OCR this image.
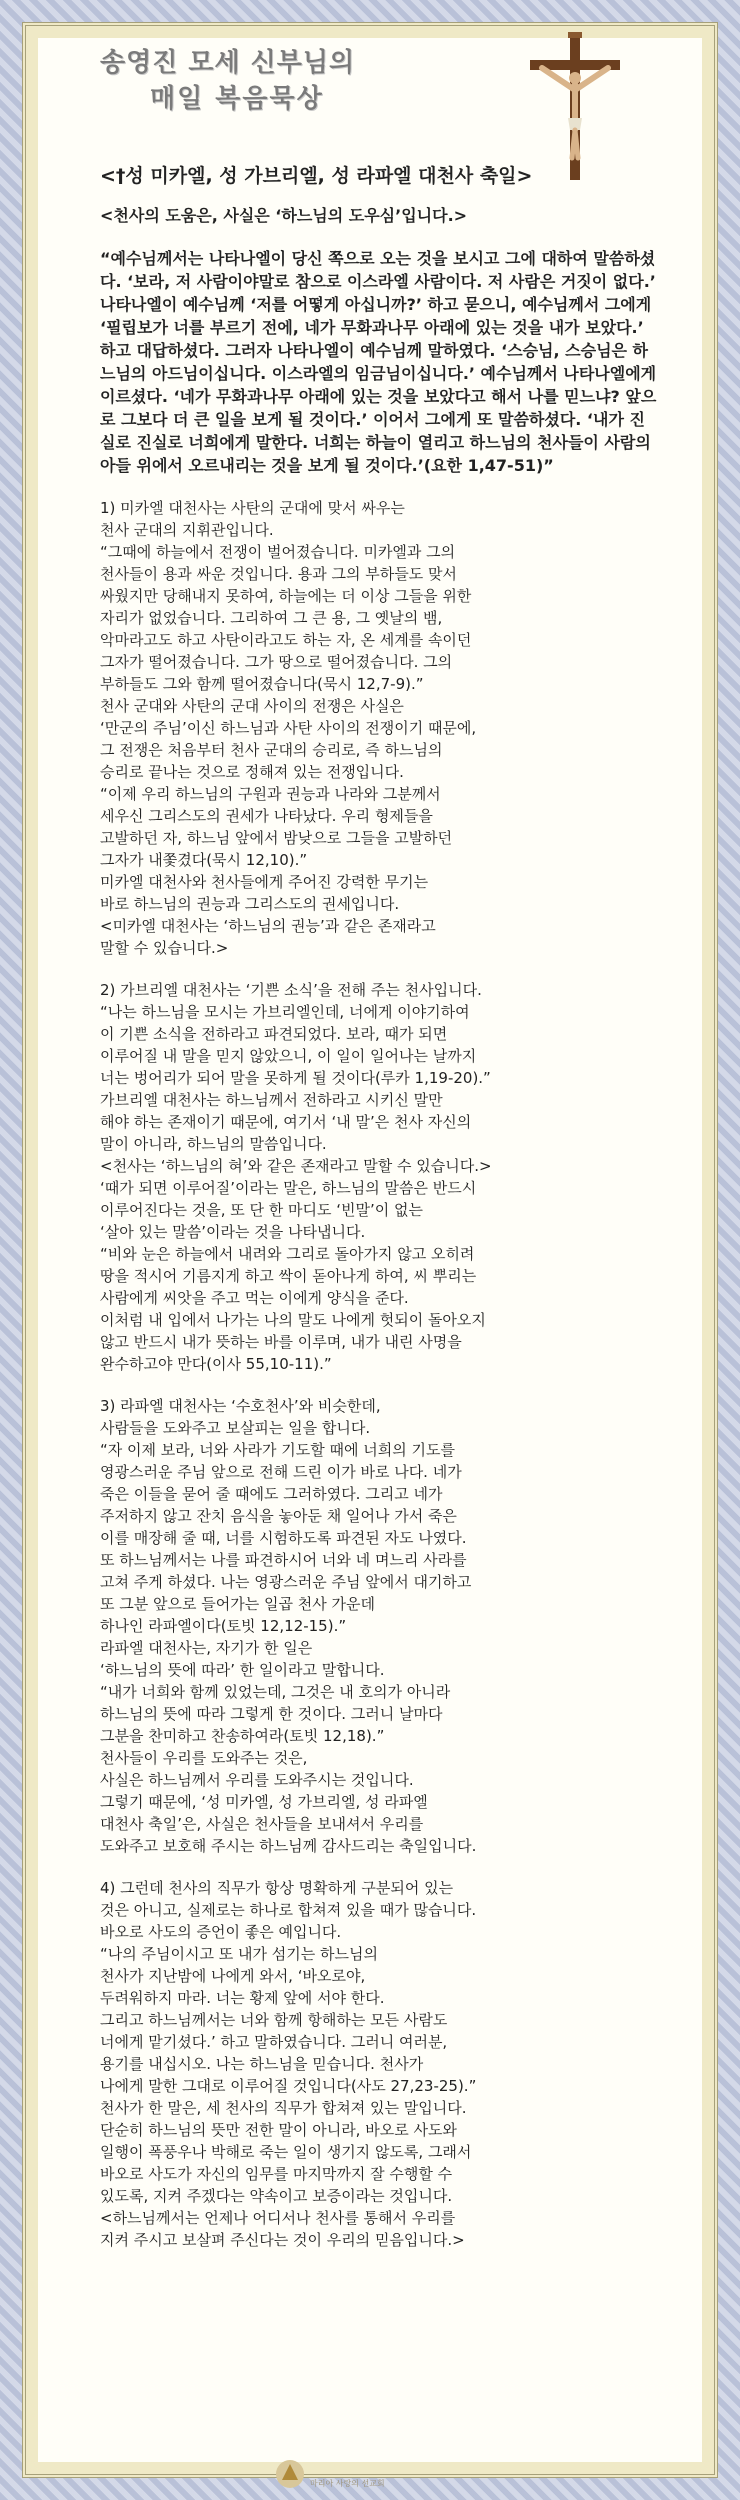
송영진 모세 신부님의
매일 복음묵상

<†성 미카엘, 성 가브리엘, 성 라파엘 대천사 축일>

<천사의 도움은, 사실은 ‘하느님의 도우심’입니다.>

“예수님께서는 나타나엘이 당신 쪽으로 오는 것을 보시고 그에 대하여 말씀하셨다. ‘보라, 저 사람이야말로 참으로 이스라엘 사람이다. 저 사람은 거짓이 없다.’ 나타나엘이 예수님께 ‘저를 어떻게 아십니까?’ 하고 묻으니, 예수님께서 그에게 ‘필립보가 너를 부르기 전에, 네가 무화과나무 아래에 있는 것을 내가 보았다.’ 하고 대답하셨다. 그러자 나타나엘이 예수님께 말하였다. ‘스승님, 스승님은 하느님의 아드님이십니다. 이스라엘의 임금님이십니다.’ 예수님께서 나타나엘에게 이르셨다. ‘네가 무화과나무 아래에 있는 것을 보았다고 해서 나를 믿느냐? 앞으로 그보다 더 큰 일을 보게 될 것이다.’ 이어서 그에게 또 말씀하셨다. ‘내가 진실로 진실로 너희에게 말한다. 너희는 하늘이 열리고 하느님의 천사들이 사람의 아들 위에서 오르내리는 것을 보게 될 것이다.’(요한 1,47-51)”

1) 미카엘 대천사는 사탄의 군대에 맞서 싸우는
천사 군대의 지휘관입니다.
“그때에 하늘에서 전쟁이 벌어졌습니다. 미카엘과 그의
천사들이 용과 싸운 것입니다. 용과 그의 부하들도 맞서
싸웠지만 당해내지 못하여, 하늘에는 더 이상 그들을 위한
자리가 없었습니다. 그리하여 그 큰 용, 그 옛날의 뱀,
악마라고도 하고 사탄이라고도 하는 자, 온 세계를 속이던
그자가 떨어졌습니다. 그가 땅으로 떨어졌습니다. 그의
부하들도 그와 함께 떨어졌습니다(묵시 12,7-9).”
천사 군대와 사탄의 군대 사이의 전쟁은 사실은
‘만군의 주님’이신 하느님과 사탄 사이의 전쟁이기 때문에,
그 전쟁은 처음부터 천사 군대의 승리로, 즉 하느님의
승리로 끝나는 것으로 정해져 있는 전쟁입니다.
“이제 우리 하느님의 구원과 권능과 나라와 그분께서
세우신 그리스도의 권세가 나타났다. 우리 형제들을
고발하던 자, 하느님 앞에서 밤낮으로 그들을 고발하던
그자가 내쫓겼다(묵시 12,10).”
미카엘 대천사와 천사들에게 주어진 강력한 무기는
바로 하느님의 권능과 그리스도의 권세입니다.
<미카엘 대천사는 ‘하느님의 권능’과 같은 존재라고
말할 수 있습니다.>

2) 가브리엘 대천사는 ‘기쁜 소식’을 전해 주는 천사입니다.
“나는 하느님을 모시는 가브리엘인데, 너에게 이야기하여
이 기쁜 소식을 전하라고 파견되었다. 보라, 때가 되면
이루어질 내 말을 믿지 않았으니, 이 일이 일어나는 날까지
너는 벙어리가 되어 말을 못하게 될 것이다(루카 1,19-20).”
가브리엘 대천사는 하느님께서 전하라고 시키신 말만
해야 하는 존재이기 때문에, 여기서 ‘내 말’은 천사 자신의
말이 아니라, 하느님의 말씀입니다.
<천사는 ‘하느님의 혀’와 같은 존재라고 말할 수 있습니다.>
‘때가 되면 이루어질’이라는 말은, 하느님의 말씀은 반드시
이루어진다는 것을, 또 단 한 마디도 ‘빈말’이 없는
‘살아 있는 말씀’이라는 것을 나타냅니다.
“비와 눈은 하늘에서 내려와 그리로 돌아가지 않고 오히려
땅을 적시어 기름지게 하고 싹이 돋아나게 하여, 씨 뿌리는
사람에게 씨앗을 주고 먹는 이에게 양식을 준다.
이처럼 내 입에서 나가는 나의 말도 나에게 헛되이 돌아오지
않고 반드시 내가 뜻하는 바를 이루며, 내가 내린 사명을
완수하고야 만다(이사 55,10-11).”

3) 라파엘 대천사는 ‘수호천사’와 비슷한데,
사람들을 도와주고 보살피는 일을 합니다.
“자 이제 보라, 너와 사라가 기도할 때에 너희의 기도를
영광스러운 주님 앞으로 전해 드린 이가 바로 나다. 네가
죽은 이들을 묻어 줄 때에도 그러하였다. 그리고 네가
주저하지 않고 잔치 음식을 놓아둔 채 일어나 가서 죽은
이를 매장해 줄 때, 너를 시험하도록 파견된 자도 나였다.
또 하느님께서는 나를 파견하시어 너와 네 며느리 사라를
고쳐 주게 하셨다. 나는 영광스러운 주님 앞에서 대기하고
또 그분 앞으로 들어가는 일곱 천사 가운데
하나인 라파엘이다(토빗 12,12-15).”
라파엘 대천사는, 자기가 한 일은
‘하느님의 뜻에 따라’ 한 일이라고 말합니다.
“내가 너희와 함께 있었는데, 그것은 내 호의가 아니라
하느님의 뜻에 따라 그렇게 한 것이다. 그러니 날마다
그분을 찬미하고 찬송하여라(토빗 12,18).”
천사들이 우리를 도와주는 것은,
사실은 하느님께서 우리를 도와주시는 것입니다.
그렇기 때문에, ‘성 미카엘, 성 가브리엘, 성 라파엘
대천사 축일’은, 사실은 천사들을 보내셔서 우리를
도와주고 보호해 주시는 하느님께 감사드리는 축일입니다.

4) 그런데 천사의 직무가 항상 명확하게 구분되어 있는
것은 아니고, 실제로는 하나로 합쳐져 있을 때가 많습니다.
바오로 사도의 증언이 좋은 예입니다.
“나의 주님이시고 또 내가 섬기는 하느님의
천사가 지난밤에 나에게 와서, ‘바오로야,
두려워하지 마라. 너는 황제 앞에 서야 한다.
그리고 하느님께서는 너와 함께 항해하는 모든 사람도
너에게 맡기셨다.’ 하고 말하였습니다. 그러니 여러분,
용기를 내십시오. 나는 하느님을 믿습니다. 천사가
나에게 말한 그대로 이루어질 것입니다(사도 27,23-25).”
천사가 한 말은, 세 천사의 직무가 합쳐져 있는 말입니다.
단순히 하느님의 뜻만 전한 말이 아니라, 바오로 사도와
일행이 폭풍우나 박해로 죽는 일이 생기지 않도록, 그래서
바오로 사도가 자신의 임무를 마지막까지 잘 수행할 수
있도록, 지켜 주겠다는 약속이고 보증이라는 것입니다.
<하느님께서는 언제나 어디서나 천사를 통해서 우리를
지켜 주시고 보살펴 주신다는 것이 우리의 믿음입니다.>

마리아 사랑의 선교회
